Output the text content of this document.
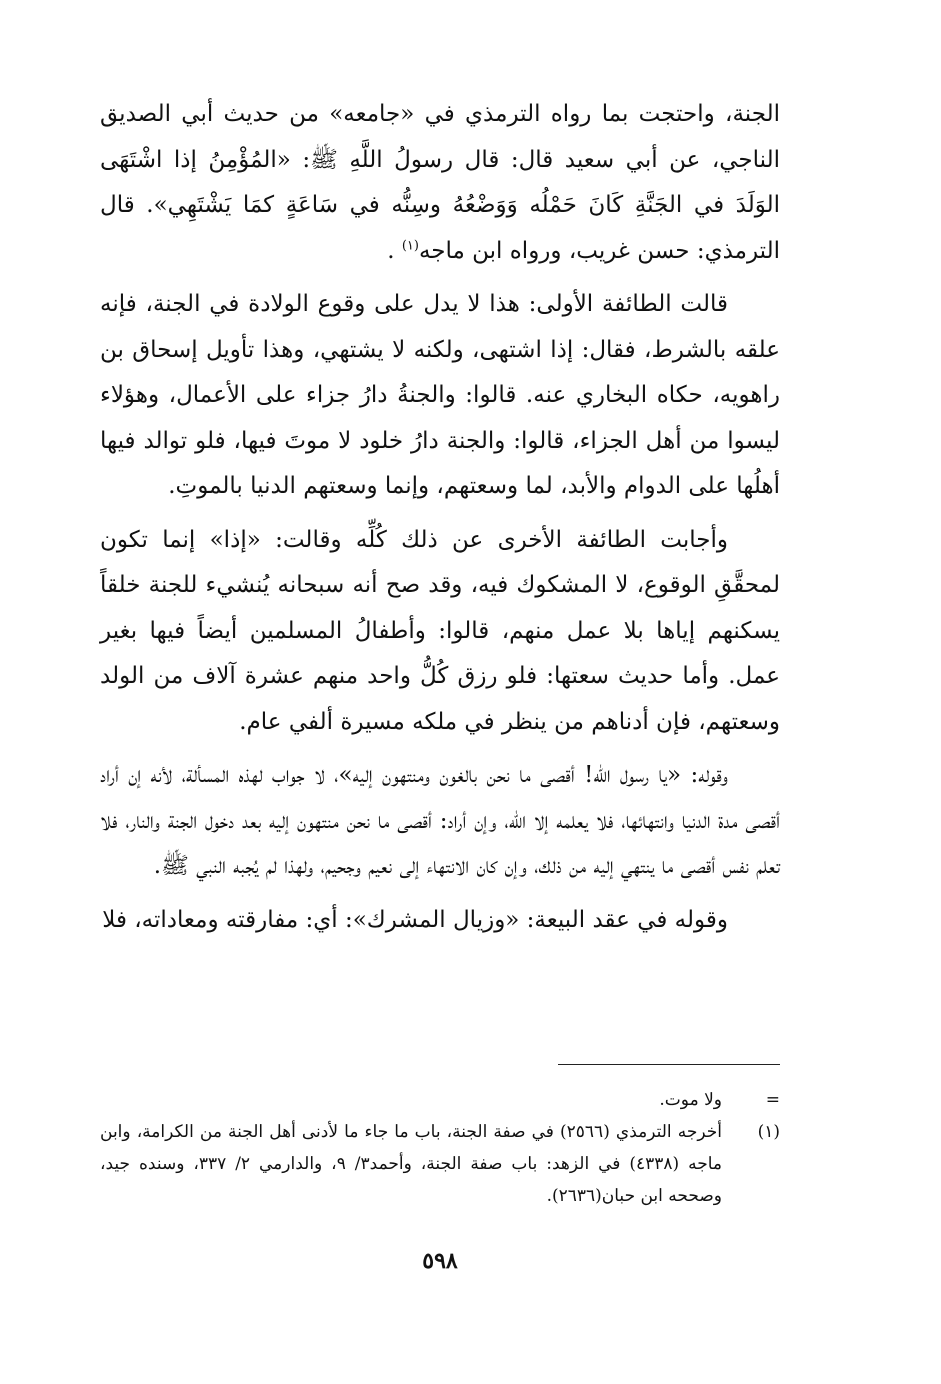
الجنة، واحتجت بما رواه الترمذي في «جامعه» من حديث أبي الصديق الناجي، عن أبي سعيد قال: قال رسولُ اللَّهِ ﷺ: «المُؤْمِنُ إذا اشْتَهَى الوَلَدَ في الجَنَّةِ كَانَ حَمْلُه وَوَضْعُهُ وسِنُّه في سَاعَةٍ كمَا يَشْتَهِي». قال الترمذي: حسن غريب، ورواه ابن ماجه$^{(١)}$ .

قالت الطائفة الأولى: هذا لا يدل على وقوع الولادة في الجنة، فإنه علقه بالشرط، فقال: إذا اشتهى، ولكنه لا يشتهي، وهذا تأويل إسحاق بن راهويه، حكاه البخاري عنه. قالوا: والجنةُ دارُ جزاء على الأعمال، وهؤلاء ليسوا من أهل الجزاء، قالوا: والجنة دارُ خلود لا موتَ فيها، فلو توالد فيها أهلُها على الدوام والأبد، لما وسعتهم، وإنما وسعتهم الدنيا بالموتِ.

وأجابت الطائفة الأخرى عن ذلك كُلِّه وقالت: «إذا» إنما تكون لمحقَّقِ الوقوع، لا المشكوك فيه، وقد صح أنه سبحانه يُنشيء للجنة خلقاً يسكنهم إياها بلا عمل منهم، قالوا: وأطفالُ المسلمين أيضاً فيها بغير عمل. وأما حديث سعتها: فلو رزق كُلُّ واحد منهم عشرة آلاف من الولد وسعتهم، فإن أدناهم من ينظر في ملكه مسيرة ألفي عام.

وقوله: «يا رسول الله! أقصى ما نحن بالغون ومنتهون إليه»، لا جواب لهذه المسألة، لأنه إن أراد أقصى مدة الدنيا وانتهائها، فلا يعلمه إلا الله، وإن أراد: أقصى ما نحن منتهون إليه بعد دخول الجنة والنار، فلا تعلم نفس أقصى ما ينتهي إليه من ذلك، وإن كان الانتهاء إلى نعيم وجحيم، ولهذا لم يُجبه النبي ﷺ.

وقوله في عقد البيعة: «وزيال المشرك»: أي: مفارقته ومعاداته، فلا

=
ولا موت.
(١)
أخرجه الترمذي (٢٥٦٦) في صفة الجنة، باب ما جاء ما لأدنى أهل الجنة من الكرامة، وابن ماجه (٤٣٣٨) في الزهد: باب صفة الجنة، وأحمد٣/ ٩، والدارمي ٢/ ٣٣٧، وسنده جيد، وصححه ابن حبان(٢٦٣٦).
٥٩٨
